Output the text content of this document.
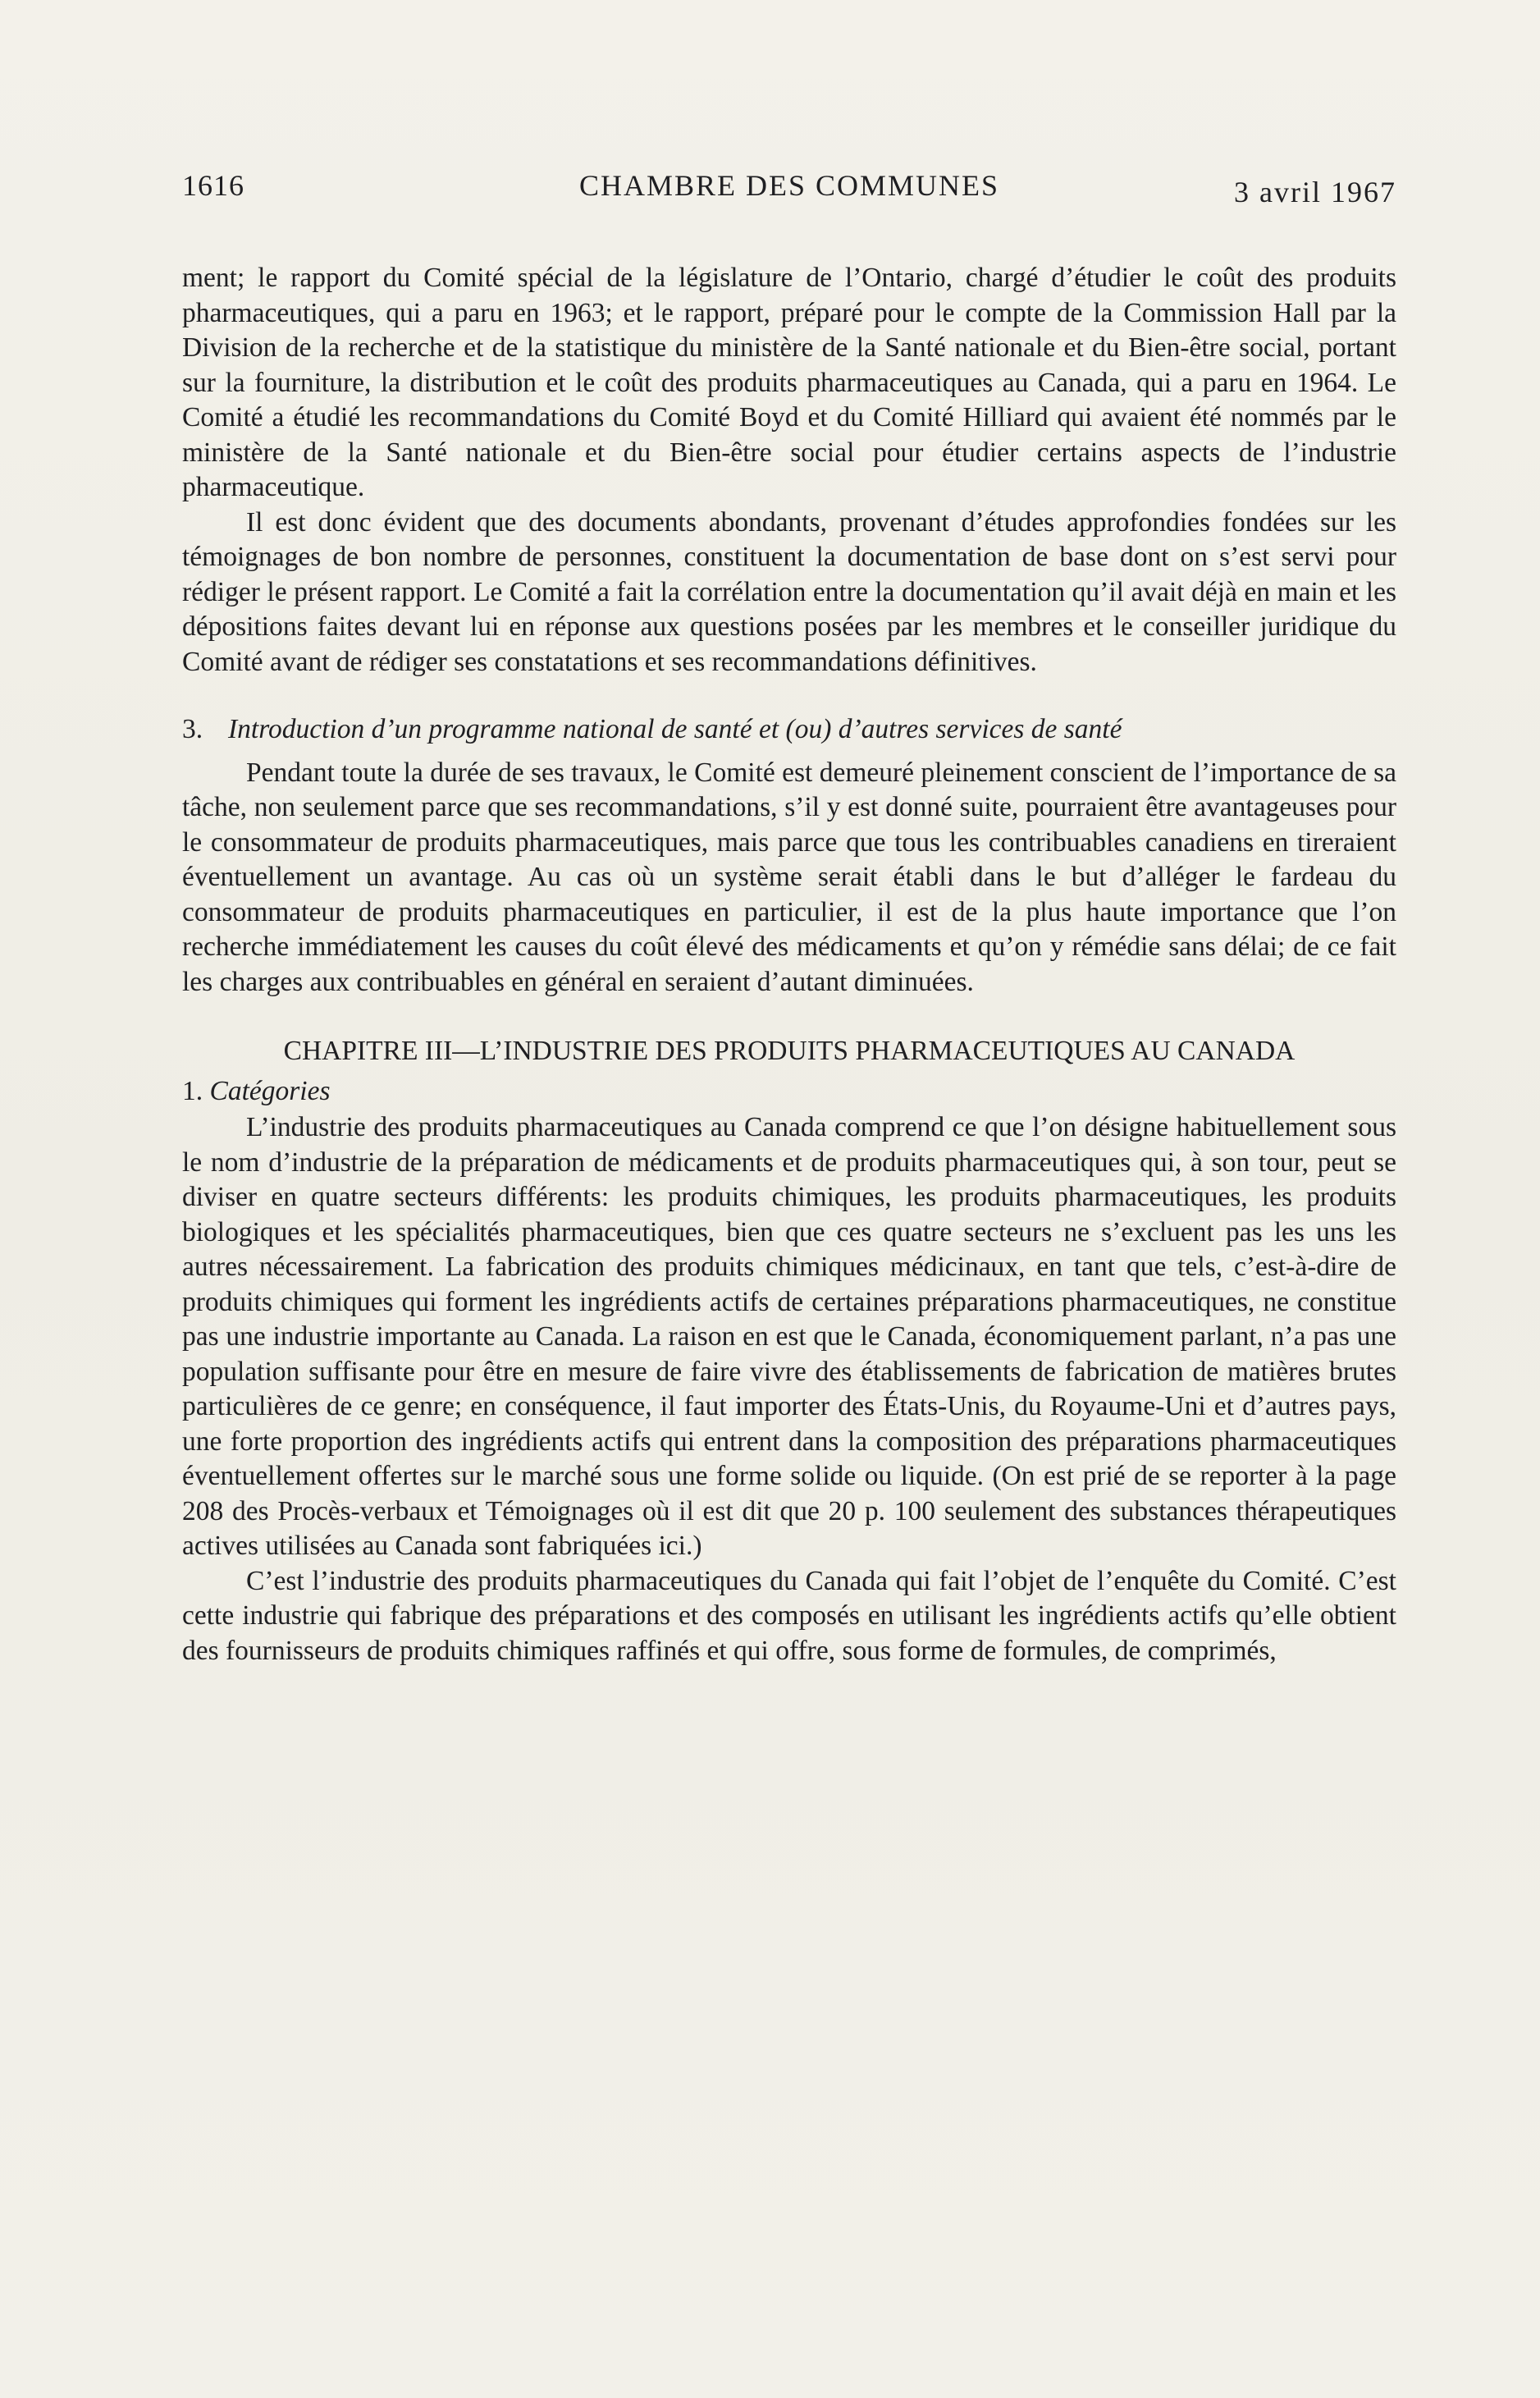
1616	CHAMBRE DES COMMUNES	3 avril 1967

ment; le rapport du Comité spécial de la législature de l’Ontario, chargé d’étudier le coût des produits pharmaceutiques, qui a paru en 1963; et le rapport, préparé pour le compte de la Commission Hall par la Division de la recherche et de la statistique du ministère de la Santé nationale et du Bien-être social, portant sur la fourniture, la distribution et le coût des produits pharmaceutiques au Canada, qui a paru en 1964. Le Comité a étudié les recommandations du Comité Boyd et du Comité Hilliard qui avaient été nommés par le ministère de la Santé nationale et du Bien-être social pour étudier certains aspects de l’industrie pharmaceutique.

Il est donc évident que des documents abondants, provenant d’études approfondies fondées sur les témoignages de bon nombre de personnes, constituent la documentation de base dont on s’est servi pour rédiger le présent rapport. Le Comité a fait la corrélation entre la documentation qu’il avait déjà en main et les dépositions faites devant lui en réponse aux questions posées par les membres et le conseiller juridique du Comité avant de rédiger ses constatations et ses recommandations définitives.

3. Introduction d’un programme national de santé et (ou) d’autres services de santé

Pendant toute la durée de ses travaux, le Comité est demeuré pleinement conscient de l’importance de sa tâche, non seulement parce que ses recommandations, s’il y est donné suite, pourraient être avantageuses pour le consommateur de produits pharmaceutiques, mais parce que tous les contribuables canadiens en tireraient éventuellement un avantage. Au cas où un système serait établi dans le but d’alléger le fardeau du consommateur de produits pharmaceutiques en particulier, il est de la plus haute importance que l’on recherche immédiatement les causes du coût élevé des médicaments et qu’on y rémédie sans délai; de ce fait les charges aux contribuables en général en seraient d’autant diminuées.

CHAPITRE III—L’INDUSTRIE DES PRODUITS PHARMACEUTIQUES AU CANADA
1. Catégories

L’industrie des produits pharmaceutiques au Canada comprend ce que l’on désigne habituellement sous le nom d’industrie de la préparation de médicaments et de produits pharmaceutiques qui, à son tour, peut se diviser en quatre secteurs différents: les produits chimiques, les produits pharmaceutiques, les produits biologiques et les spécialités pharmaceutiques, bien que ces quatre secteurs ne s’excluent pas les uns les autres nécessairement. La fabrication des produits chimiques médicinaux, en tant que tels, c’est-à-dire de produits chimiques qui forment les ingrédients actifs de certaines préparations pharmaceutiques, ne constitue pas une industrie importante au Canada. La raison en est que le Canada, économiquement parlant, n’a pas une population suffisante pour être en mesure de faire vivre des établissements de fabrication de matières brutes particulières de ce genre; en conséquence, il faut importer des États-Unis, du Royaume-Uni et d’autres pays, une forte proportion des ingrédients actifs qui entrent dans la composition des préparations pharmaceutiques éventuellement offertes sur le marché sous une forme solide ou liquide. (On est prié de se reporter à la page 208 des Procès-verbaux et Témoignages où il est dit que 20 p. 100 seulement des substances thérapeutiques actives utilisées au Canada sont fabriquées ici.)

C’est l’industrie des produits pharmaceutiques du Canada qui fait l’objet de l’enquête du Comité. C’est cette industrie qui fabrique des préparations et des composés en utilisant les ingrédients actifs qu’elle obtient des fournisseurs de produits chimiques raffinés et qui offre, sous forme de formules, de comprimés,
